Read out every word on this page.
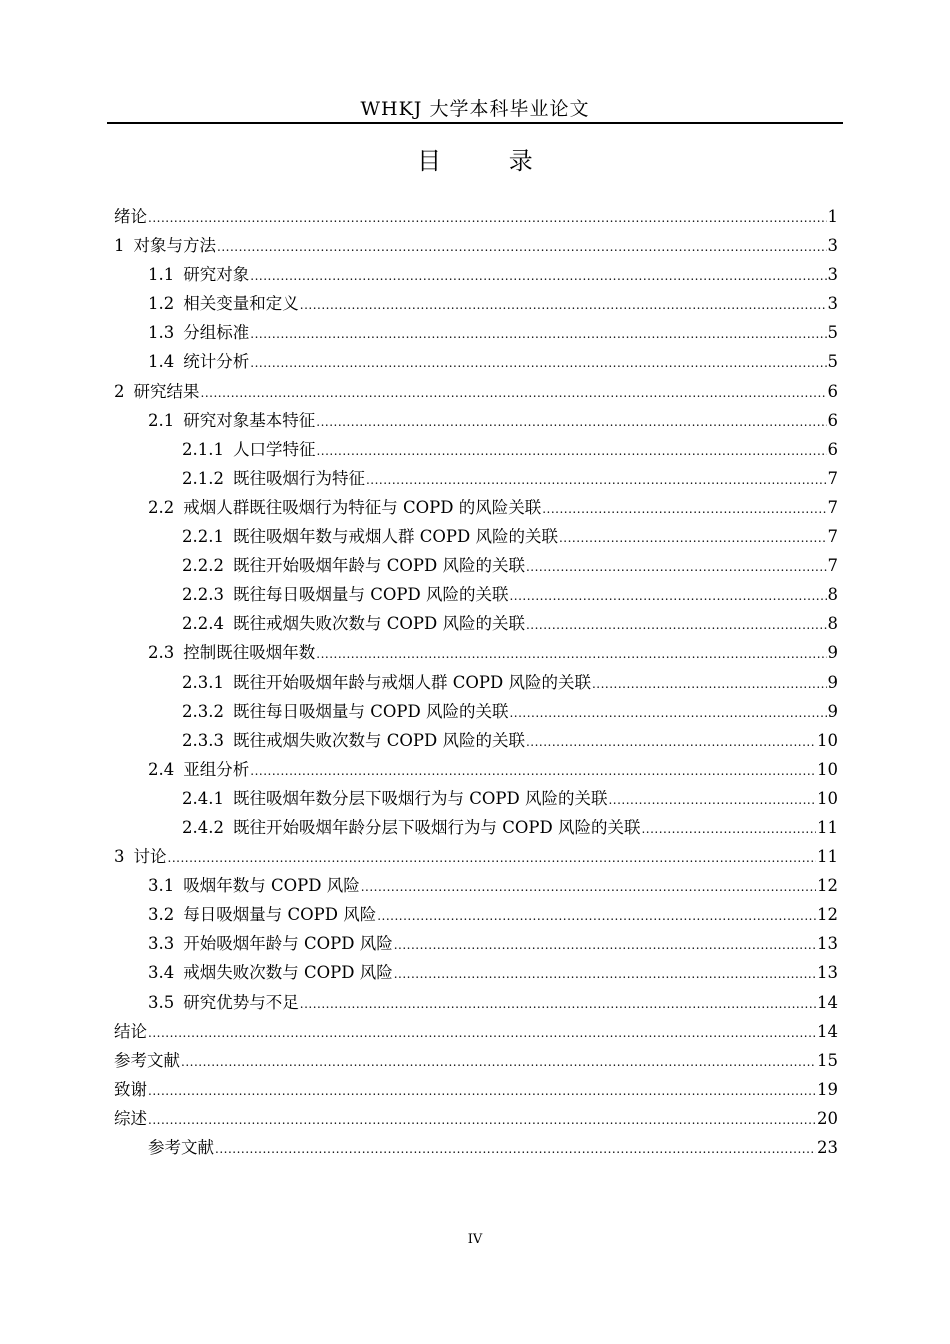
WHKJ 大学本科毕业论文
目 录
绪论 .....	1
1 对象与方法 .....	3
1.1 研究对象 .....	3
1.2 相关变量和定义 .....	3
1.3 分组标准 .....	5
1.4 统计分析 .....	5
2 研究结果 .....	6
2.1 研究对象基本特征 .....	6
2.1.1 人口学特征 .....	6
2.1.2 既往吸烟行为特征 .....	7
2.2 戒烟人群既往吸烟行为特征与 COPD 的风险关联 .....	7
2.2.1 既往吸烟年数与戒烟人群 COPD 风险的关联 .....	7
2.2.2 既往开始吸烟年龄与 COPD 风险的关联 .....	7
2.2.3 既往每日吸烟量与 COPD 风险的关联 .....	8
2.2.4 既往戒烟失败次数与 COPD 风险的关联 .....	8
2.3 控制既往吸烟年数 .....	9
2.3.1 既往开始吸烟年龄与戒烟人群 COPD 风险的关联 .....	9
2.3.2 既往每日吸烟量与 COPD 风险的关联 .....	9
2.3.3 既往戒烟失败次数与 COPD 风险的关联 .....	10
2.4 亚组分析 .....	10
2.4.1 既往吸烟年数分层下吸烟行为与 COPD 风险的关联 .....	10
2.4.2 既往开始吸烟年龄分层下吸烟行为与 COPD 风险的关联 .....	11
3 讨论 .....	11
3.1 吸烟年数与 COPD 风险 .....	12
3.2 每日吸烟量与 COPD 风险 .....	12
3.3 开始吸烟年龄与 COPD 风险 .....	13
3.4 戒烟失败次数与 COPD 风险 .....	13
3.5 研究优势与不足 .....	14
结论 .....	14
参考文献 .....	15
致谢 .....	19
综述 .....	20
参考文献 .....	23
IV
